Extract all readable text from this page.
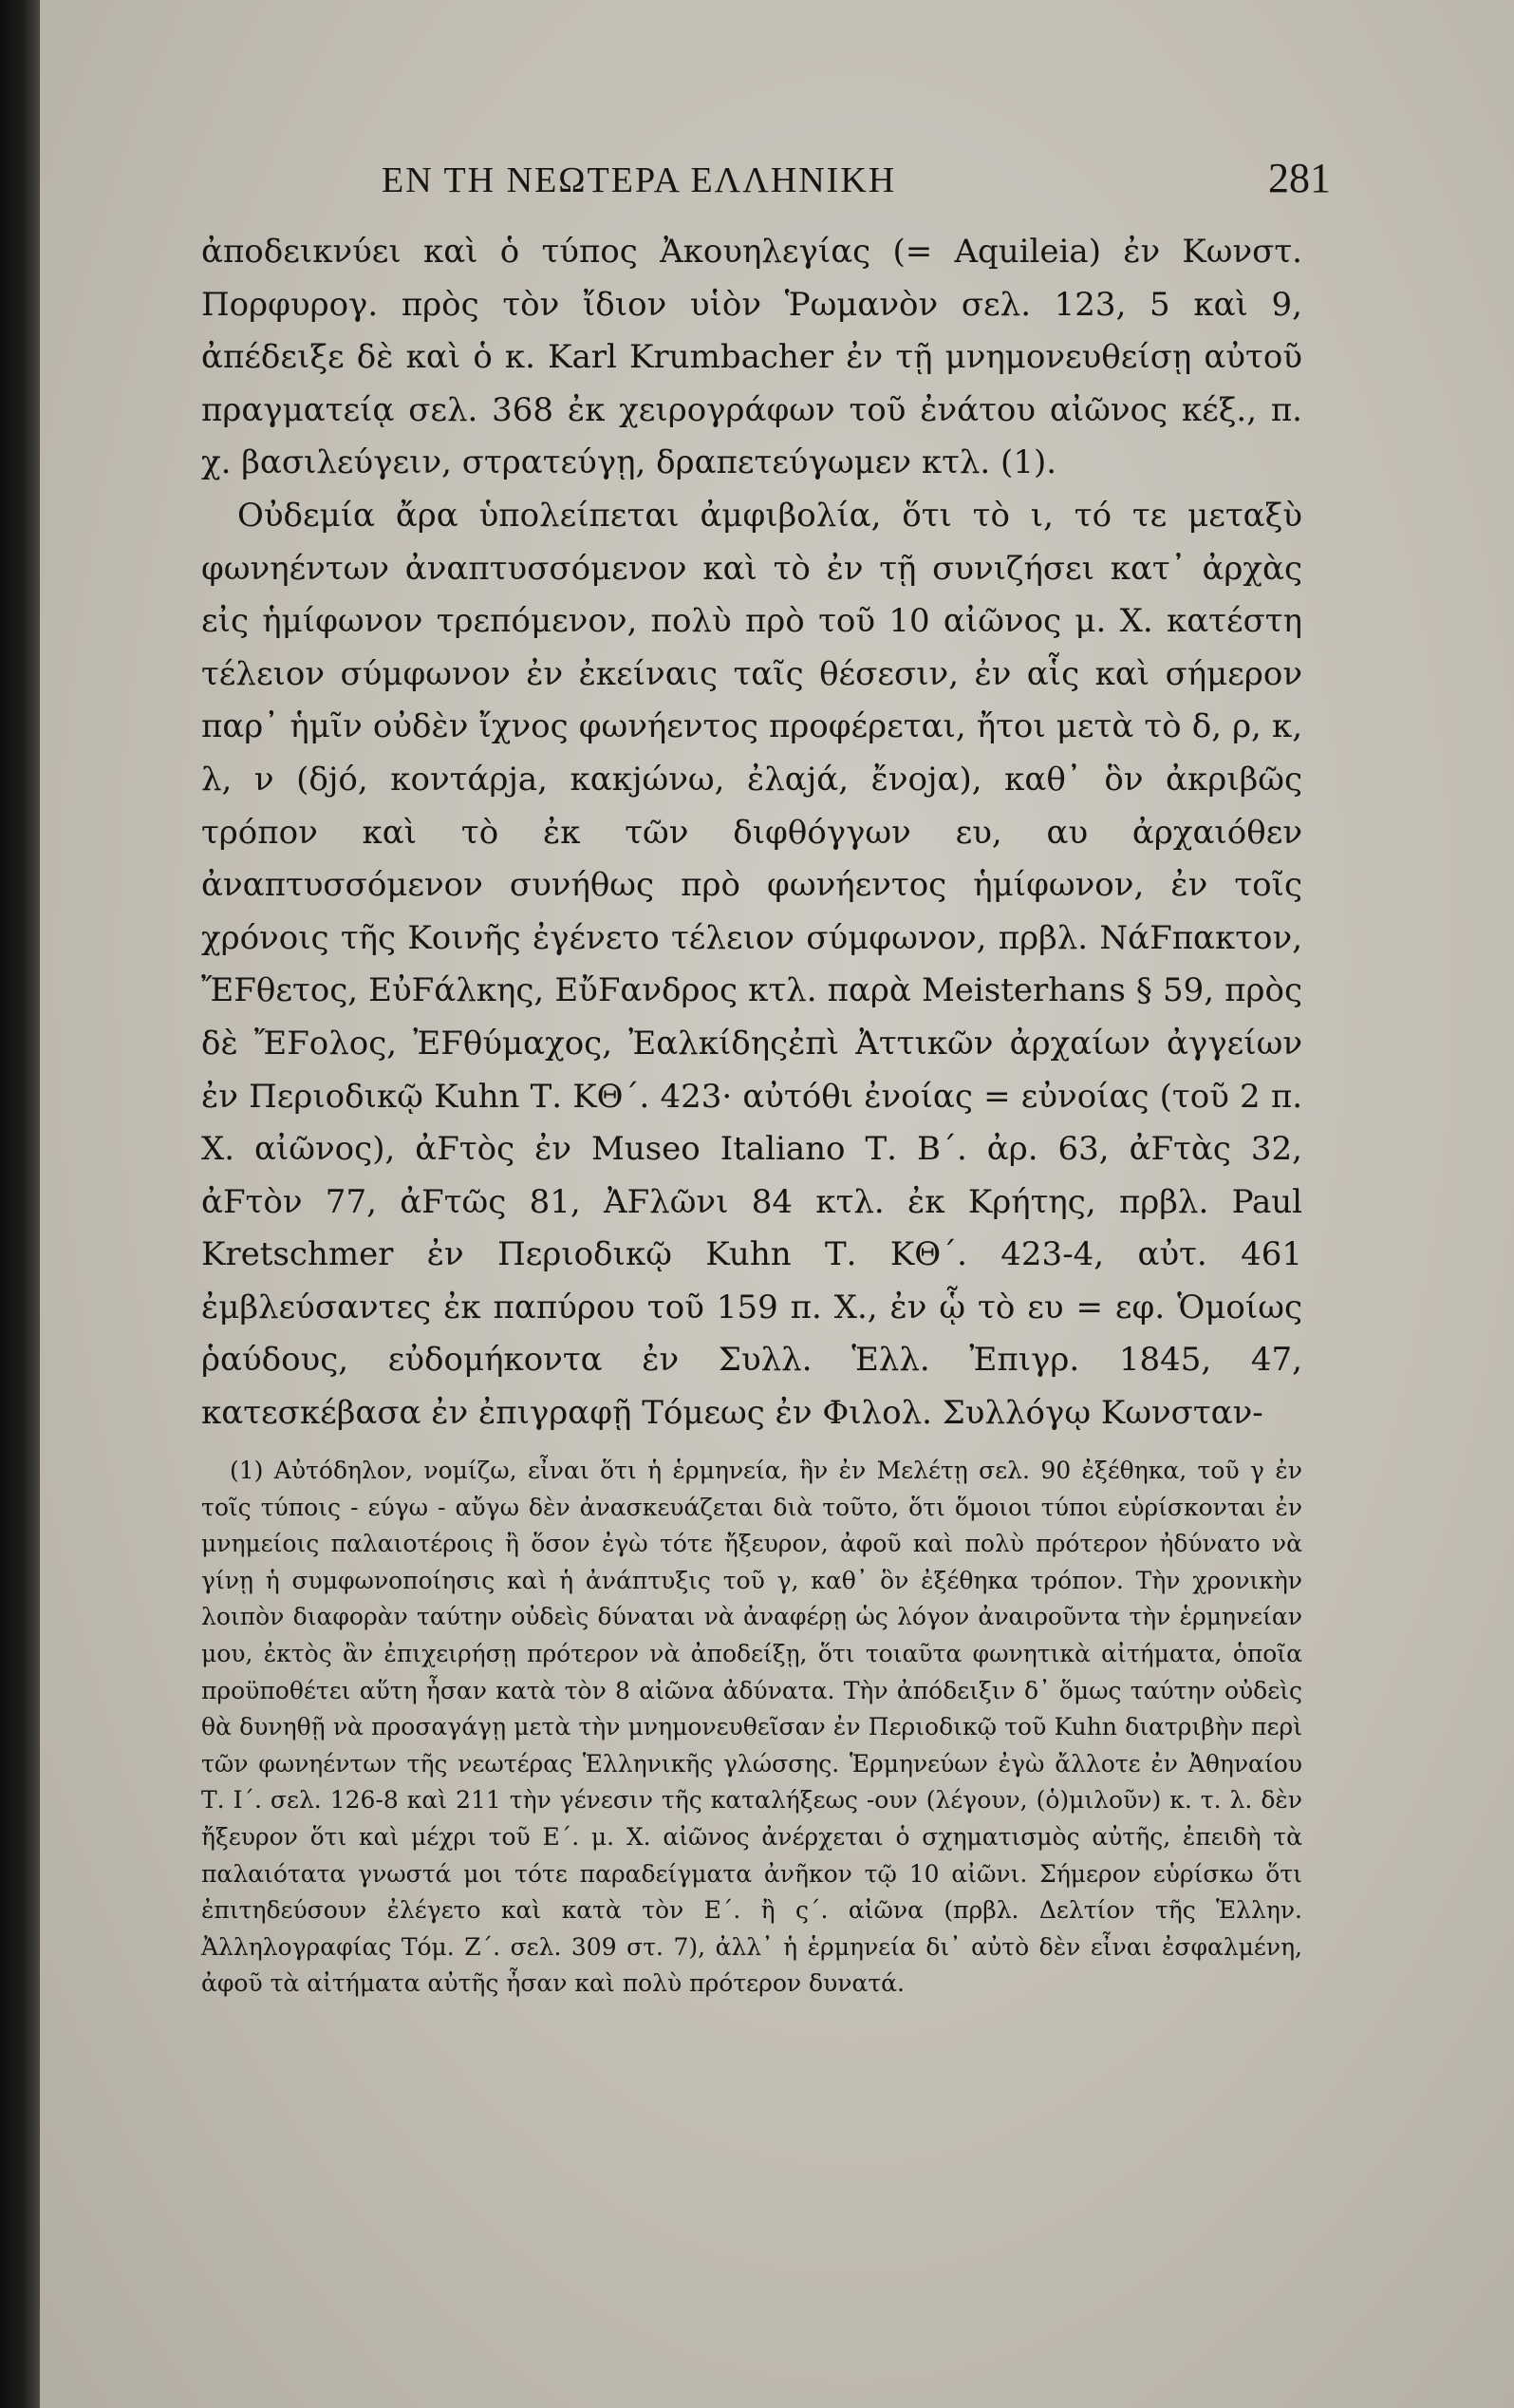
ΕΝ ΤΗ ΝΕΩΤΕΡΑ ΕΛΛΗΝΙΚΗ	281

ἀποδεικνύει καὶ ὁ τύπος Ἀκουηλεγίας (= Aquileia) ἐν Κωνστ. Πορφυρογ. πρὸς τὸν ἴδιον υἱὸν Ῥωμανὸν σελ. 123, 5 καὶ 9, ἀπέδειξε δὲ καὶ ὁ κ. Karl Krumbacher ἐν τῇ μνημονευθείσῃ αὐτοῦ πραγματείᾳ σελ. 368 ἐκ χειρογράφων τοῦ ἐνάτου αἰῶνος κέξ., π. χ. βασιλεύγειν, στρατεύγῃ, δραπετεύγωμεν κτλ. (1).

Οὐδεμία ἄρα ὑπολείπεται ἀμφιβολία, ὅτι τὸ ι, τό τε μεταξὺ φωνηέντων ἀναπτυσσόμενον καὶ τὸ ἐν τῇ συνιζήσει κατ᾽ ἀρχὰς εἰς ἡμίφωνον τρεπόμενον, πολὺ πρὸ τοῦ 10 αἰῶνος μ. Χ. κατέστη τέλειον σύμφωνον ἐν ἐκείναις ταῖς θέσεσιν, ἐν αἷς καὶ σήμερον παρ᾽ ἡμῖν οὐδὲν ἴχνος φωνήεντος προφέρεται, ἤτοι μετὰ τὸ δ, ρ, κ, λ, ν (δjό, κοντάρja, κακjώνω, ἐλαjά, ἔνοjα), καθ᾽ ὃν ἀκριβῶς τρόπον καὶ τὸ ἐκ τῶν διφθόγγων ευ, αυ ἀρχαιόθεν ἀναπτυσσόμενον συνήθως πρὸ φωνήεντος ἡμίφωνον, ἐν τοῖς χρόνοις τῆς Κοινῆς ἐγένετο τέλειον σύμφωνον, πρβλ. ΝάϜπακτον, ἜϜθετος, ΕὐϜάλκης, ΕὔϜανδρος κτλ. παρὰ Meisterhans § 59, πρὸς δὲ ἜϜολος, ἘϜθύμαχος, Ἐαλκίδηςἐπὶ Ἀττικῶν ἀρχαίων ἀγγείων ἐν Περιοδικῷ Kuhn Τ. ΚΘ΄. 423· αὐτόθι ἐνοίας = εὐνοίας (τοῦ 2 π. Χ. αἰῶνος), ἀϜτὸς ἐν Museo Italiano Τ. Β΄. ἀρ. 63, ἀϜτὰς 32, ἀϜτὸν 77, ἀϜτῶς 81, ἈϜλῶνι 84 κτλ. ἐκ Κρήτης, πρβλ. Paul Kretschmer ἐν Περιοδικῷ Kuhn Τ. ΚΘ΄. 423-4, αὐτ. 461 ἐμβλεύσαντες ἐκ παπύρου τοῦ 159 π. Χ., ἐν ᾧ τὸ ευ = εφ. Ὁμοίως ῥαύδους, εὐδομήκοντα ἐν Συλλ. Ἑλλ. Ἐπιγρ. 1845, 47, κατεσκέβασα ἐν ἐπιγραφῇ Τόμεως ἐν Φιλολ. Συλλόγῳ Κωνσταν-

(1) Αὐτόδηλον, νομίζω, εἶναι ὅτι ἡ ἑρμηνεία, ἣν ἐν Μελέτῃ σελ. 90 ἐξέθηκα, τοῦ γ ἐν τοῖς τύποις - εύγω - αὔγω δὲν ἀνασκευάζεται διὰ τοῦτο, ὅτι ὅμοιοι τύποι εὑρίσκονται ἐν μνημείοις παλαιοτέροις ἢ ὅσον ἐγὼ τότε ἤξευρον, ἀφοῦ καὶ πολὺ πρότερον ἠδύνατο νὰ γίνῃ ἡ συμφωνοποίησις καὶ ἡ ἀνάπτυξις τοῦ γ, καθ᾽ ὃν ἐξέθηκα τρόπον. Τὴν χρονικὴν λοιπὸν διαφορὰν ταύτην οὐδεὶς δύναται νὰ ἀναφέρῃ ὡς λόγον ἀναιροῦντα τὴν ἑρμηνείαν μου, ἐκτὸς ἂν ἐπιχειρήσῃ πρότερον νὰ ἀποδείξῃ, ὅτι τοιαῦτα φωνητικὰ αἰτήματα, ὁποῖα προϋποθέτει αὕτη ἦσαν κατὰ τὸν 8 αἰῶνα ἀδύνατα. Τὴν ἀπόδειξιν δ᾽ ὅμως ταύτην οὐδεὶς θὰ δυνηθῇ νὰ προσαγάγῃ μετὰ τὴν μνημονευθεῖσαν ἐν Περιοδικῷ τοῦ Kuhn διατριβὴν περὶ τῶν φωνηέντων τῆς νεωτέρας Ἑλληνικῆς γλώσσης. Ἑρμηνεύων ἐγὼ ἄλλοτε ἐν Ἀθηναίου Τ. Ι΄. σελ. 126-8 καὶ 211 τὴν γένεσιν τῆς καταλήξεως -ουν (λέγουν, (ὁ)μιλοῦν) κ. τ. λ. δὲν ἤξευρον ὅτι καὶ μέχρι τοῦ Ε΄. μ. Χ. αἰῶνος ἀνέρχεται ὁ σχηματισμὸς αὐτῆς, ἐπειδὴ τὰ παλαιότατα γνωστά μοι τότε παραδείγματα ἀνῆκον τῷ 10 αἰῶνι. Σήμερον εὑρίσκω ὅτι ἐπιτηδεύσουν ἐλέγετο καὶ κατὰ τὸν Ε΄. ἢ ς΄. αἰῶνα (πρβλ. Δελτίον τῆς Ἑλλην. Ἀλληλογραφίας Τόμ. Ζ΄. σελ. 309 στ. 7), ἀλλ᾽ ἡ ἑρμηνεία δι᾽ αὐτὸ δὲν εἶναι ἐσφαλμένη, ἀφοῦ τὰ αἰτήματα αὐτῆς ἦσαν καὶ πολὺ πρότερον δυνατά.
